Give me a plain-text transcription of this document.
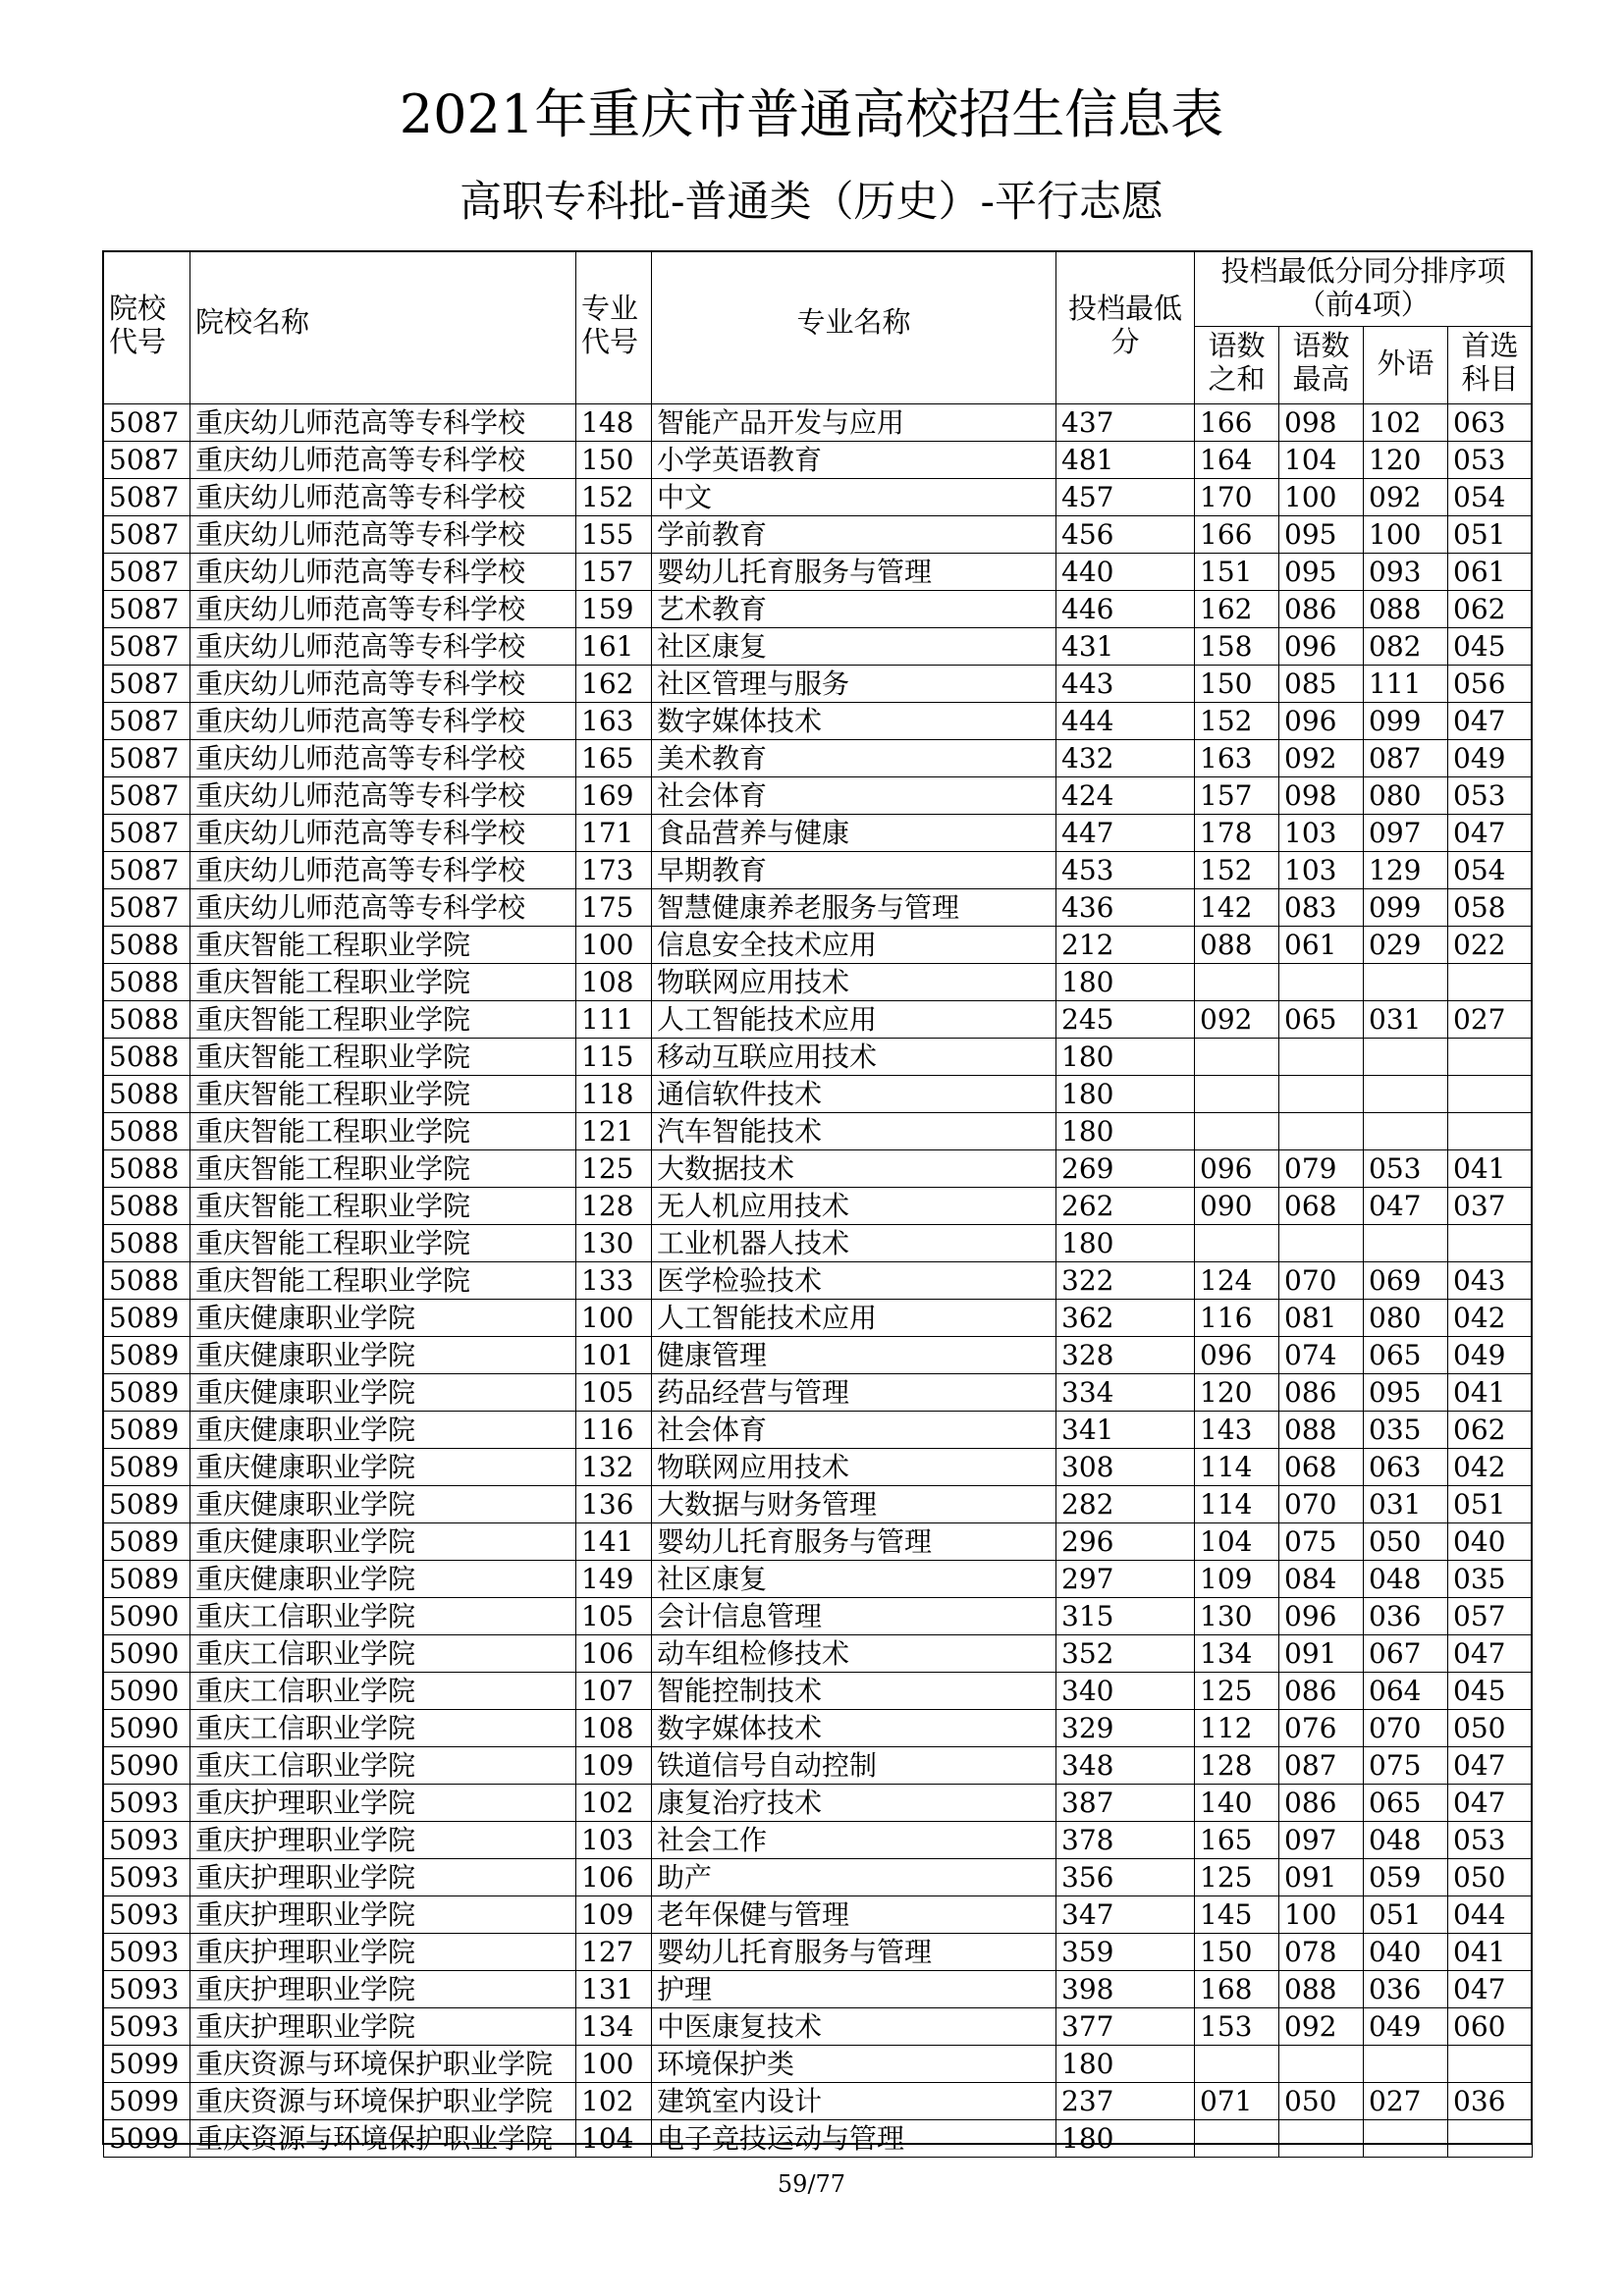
2021年重庆市普通高校招生信息表
高职专科批-普通类（历史）-平行志愿
院校代号	院校名称	专业代号	专业名称	投档最低分	投档最低分同分排序项（前4项）			
					语数之和	语数最高	外语	首选科目
5087	重庆幼儿师范高等专科学校	148	智能产品开发与应用	437	166	098	102	063
5087	重庆幼儿师范高等专科学校	150	小学英语教育	481	164	104	120	053
5087	重庆幼儿师范高等专科学校	152	中文	457	170	100	092	054
5087	重庆幼儿师范高等专科学校	155	学前教育	456	166	095	100	051
5087	重庆幼儿师范高等专科学校	157	婴幼儿托育服务与管理	440	151	095	093	061
5087	重庆幼儿师范高等专科学校	159	艺术教育	446	162	086	088	062
5087	重庆幼儿师范高等专科学校	161	社区康复	431	158	096	082	045
5087	重庆幼儿师范高等专科学校	162	社区管理与服务	443	150	085	111	056
5087	重庆幼儿师范高等专科学校	163	数字媒体技术	444	152	096	099	047
5087	重庆幼儿师范高等专科学校	165	美术教育	432	163	092	087	049
5087	重庆幼儿师范高等专科学校	169	社会体育	424	157	098	080	053
5087	重庆幼儿师范高等专科学校	171	食品营养与健康	447	178	103	097	047
5087	重庆幼儿师范高等专科学校	173	早期教育	453	152	103	129	054
5087	重庆幼儿师范高等专科学校	175	智慧健康养老服务与管理	436	142	083	099	058
5088	重庆智能工程职业学院	100	信息安全技术应用	212	088	061	029	022
5088	重庆智能工程职业学院	108	物联网应用技术	180				
5088	重庆智能工程职业学院	111	人工智能技术应用	245	092	065	031	027
5088	重庆智能工程职业学院	115	移动互联应用技术	180				
5088	重庆智能工程职业学院	118	通信软件技术	180				
5088	重庆智能工程职业学院	121	汽车智能技术	180				
5088	重庆智能工程职业学院	125	大数据技术	269	096	079	053	041
5088	重庆智能工程职业学院	128	无人机应用技术	262	090	068	047	037
5088	重庆智能工程职业学院	130	工业机器人技术	180				
5088	重庆智能工程职业学院	133	医学检验技术	322	124	070	069	043
5089	重庆健康职业学院	100	人工智能技术应用	362	116	081	080	042
5089	重庆健康职业学院	101	健康管理	328	096	074	065	049
5089	重庆健康职业学院	105	药品经营与管理	334	120	086	095	041
5089	重庆健康职业学院	116	社会体育	341	143	088	035	062
5089	重庆健康职业学院	132	物联网应用技术	308	114	068	063	042
5089	重庆健康职业学院	136	大数据与财务管理	282	114	070	031	051
5089	重庆健康职业学院	141	婴幼儿托育服务与管理	296	104	075	050	040
5089	重庆健康职业学院	149	社区康复	297	109	084	048	035
5090	重庆工信职业学院	105	会计信息管理	315	130	096	036	057
5090	重庆工信职业学院	106	动车组检修技术	352	134	091	067	047
5090	重庆工信职业学院	107	智能控制技术	340	125	086	064	045
5090	重庆工信职业学院	108	数字媒体技术	329	112	076	070	050
5090	重庆工信职业学院	109	铁道信号自动控制	348	128	087	075	047
5093	重庆护理职业学院	102	康复治疗技术	387	140	086	065	047
5093	重庆护理职业学院	103	社会工作	378	165	097	048	053
5093	重庆护理职业学院	106	助产	356	125	091	059	050
5093	重庆护理职业学院	109	老年保健与管理	347	145	100	051	044
5093	重庆护理职业学院	127	婴幼儿托育服务与管理	359	150	078	040	041
5093	重庆护理职业学院	131	护理	398	168	088	036	047
5093	重庆护理职业学院	134	中医康复技术	377	153	092	049	060
5099	重庆资源与环境保护职业学院	100	环境保护类	180				
5099	重庆资源与环境保护职业学院	102	建筑室内设计	237	071	050	027	036
5099	重庆资源与环境保护职业学院	104	电子竞技运动与管理	180				
59/77
